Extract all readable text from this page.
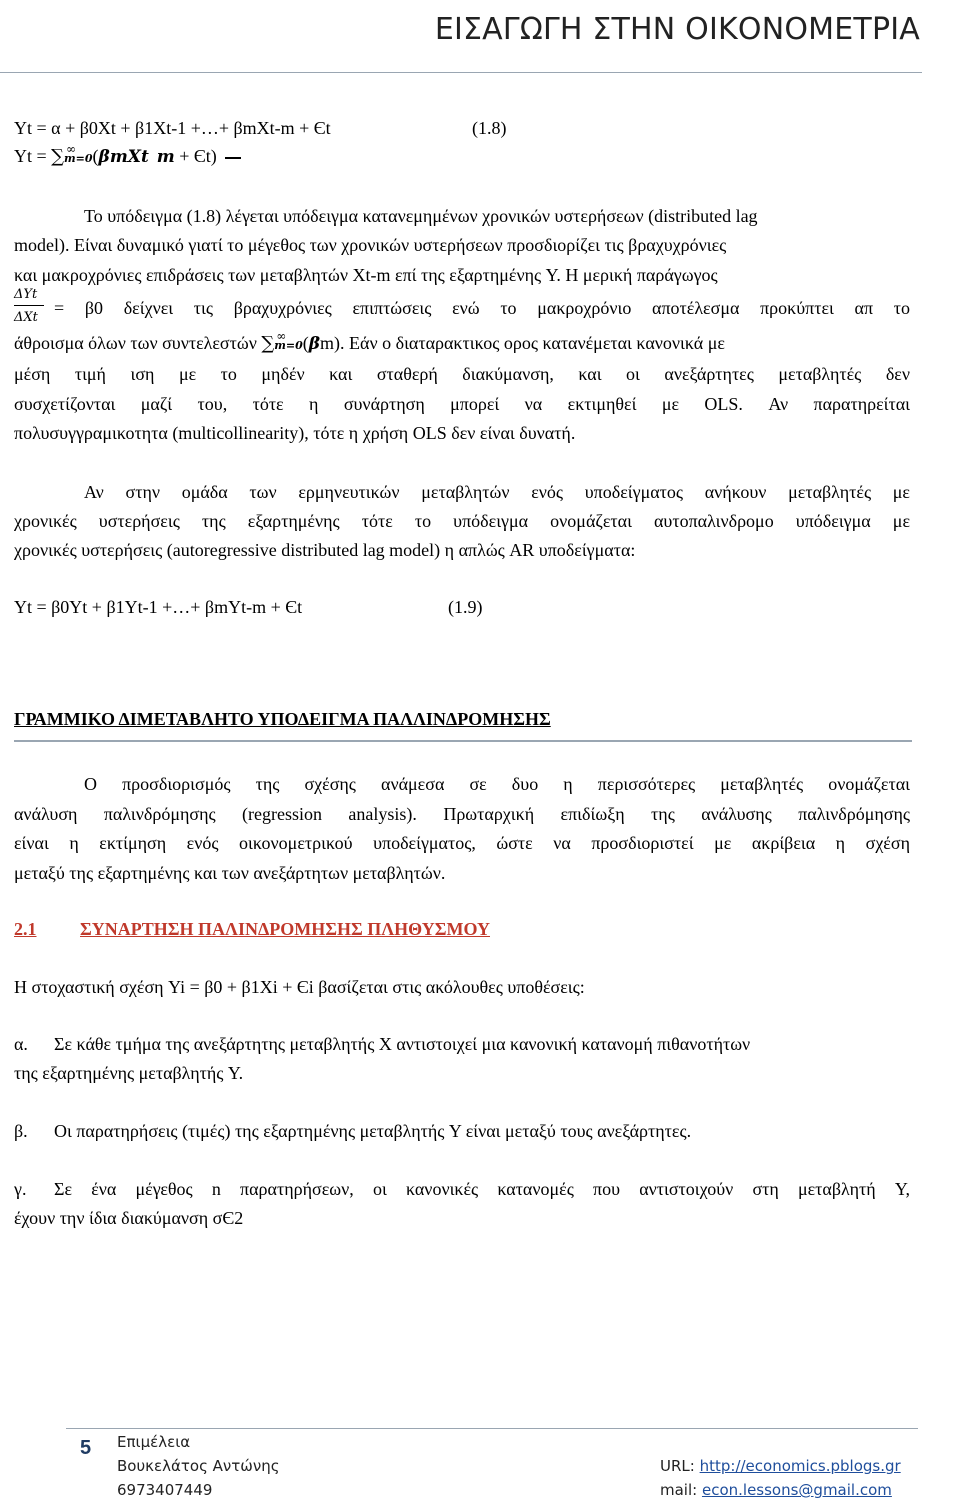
ΕΙΣΑΓΩΓΗ ΣΤΗΝ ΟΙΚΟΝΟΜΕΤΡΙΑ
Yt = α + β0Xt + β1Xt-1 +…+ βmXt-m + Єt	(1.8)
Yt = ∑ ∞
m=0(βmXt m + Єt)
Το υπόδειγμα (1.8) λέγεται υπόδειγμα κατανεμημένων χρονικών υστερήσεων (distributed lag
model). Είναι δυναμικό γιατί το μέγεθος των χρονικών υστερήσεων προσδιορίζει τις βραχυχρόνιες
και μακροχρόνιες επιδράσεις των μεταβλητών Xt-m επί της εξαρτημένης Y. Η μερική παράγωγος
ΔYt
ΔXt = β0 δείχνει τις βραχυχρόνιες επιπτώσεις ενώ το μακροχρόνιο αποτέλεσμα προκύπτει απ το
άθροισμα όλων των συντελεστών ∑ ∞
m=0(βm). Εάν ο διαταρακτικος ορος κατανέμεται κανονικά με
μέση τιμή ιση με το μηδέν και σταθερή διακύμανση, και οι ανεξάρτητες μεταβλητές δεν
συσχετίζονται μαζί του, τότε η συνάρτηση μπορεί να εκτιμηθεί με OLS. Αν παρατηρείται
πολυσυγγραμικοτητα (multicollinearity), τότε η χρήση OLS δεν είναι δυνατή.
Αν στην ομάδα των ερμηνευτικών μεταβλητών ενός υποδείγματος ανήκουν μεταβλητές με
χρονικές υστερήσεις της εξαρτημένης τότε το υπόδειγμα ονομάζεται αυτοπαλινδρομο υπόδειγμα με
χρονικές υστερήσεις (autoregressive distributed lag model) η απλώς AR υποδείγματα:
Yt = β0Yt + β1Yt-1 +…+ βmYt-m + Єt	(1.9)
ΓΡΑΜΜΙΚΟ ΔΙΜΕΤΑΒΛΗΤΟ ΥΠΟΔΕΙΓΜΑ ΠΑΛΛΙΝΔΡΟΜΗΣΗΣ
Ο προσδιορισμός της σχέσης ανάμεσα σε δυο η περισσότερες μεταβλητές ονομάζεται
ανάλυση παλινδρόμησης (regression analysis). Πρωταρχική επιδίωξη της ανάλυσης παλινδρόμησης
είναι η εκτίμηση ενός οικονομετρικού υποδείγματος, ώστε να προσδιοριστεί με ακρίβεια η σχέση
μεταξύ της εξαρτημένης και των ανεξάρτητων μεταβλητών.
2.1 ΣΥΝΑΡΤΗΣΗ ΠΑΛΙΝΔΡΟΜΗΣΗΣ ΠΛΗΘΥΣΜΟΥ
Η στοχαστική σχέση Yi = β0 + β1Xi + Єi βασίζεται στις ακόλουθες υποθέσεις:
α. Σε κάθε τμήμα της ανεξάρτητης μεταβλητής X αντιστοιχεί μια κανονική κατανομή πιθανοτήτων
της εξαρτημένης μεταβλητής Y.
β. Οι παρατηρήσεις (τιμές) της εξαρτημένης μεταβλητής Y είναι μεταξύ τους ανεξάρτητες.
γ. Σε ένα μέγεθος n παρατηρήσεων, οι κανονικές κατανομές που αντιστοιχούν στη μεταβλητή Y,
έχουν την ίδια διακύμανση σЄ2
5 Επιμέλεια
Βουκελάτος Αντώνης
6973407449
URL: http://economics.pblogs.gr
mail: econ.lessons@gmail.com
